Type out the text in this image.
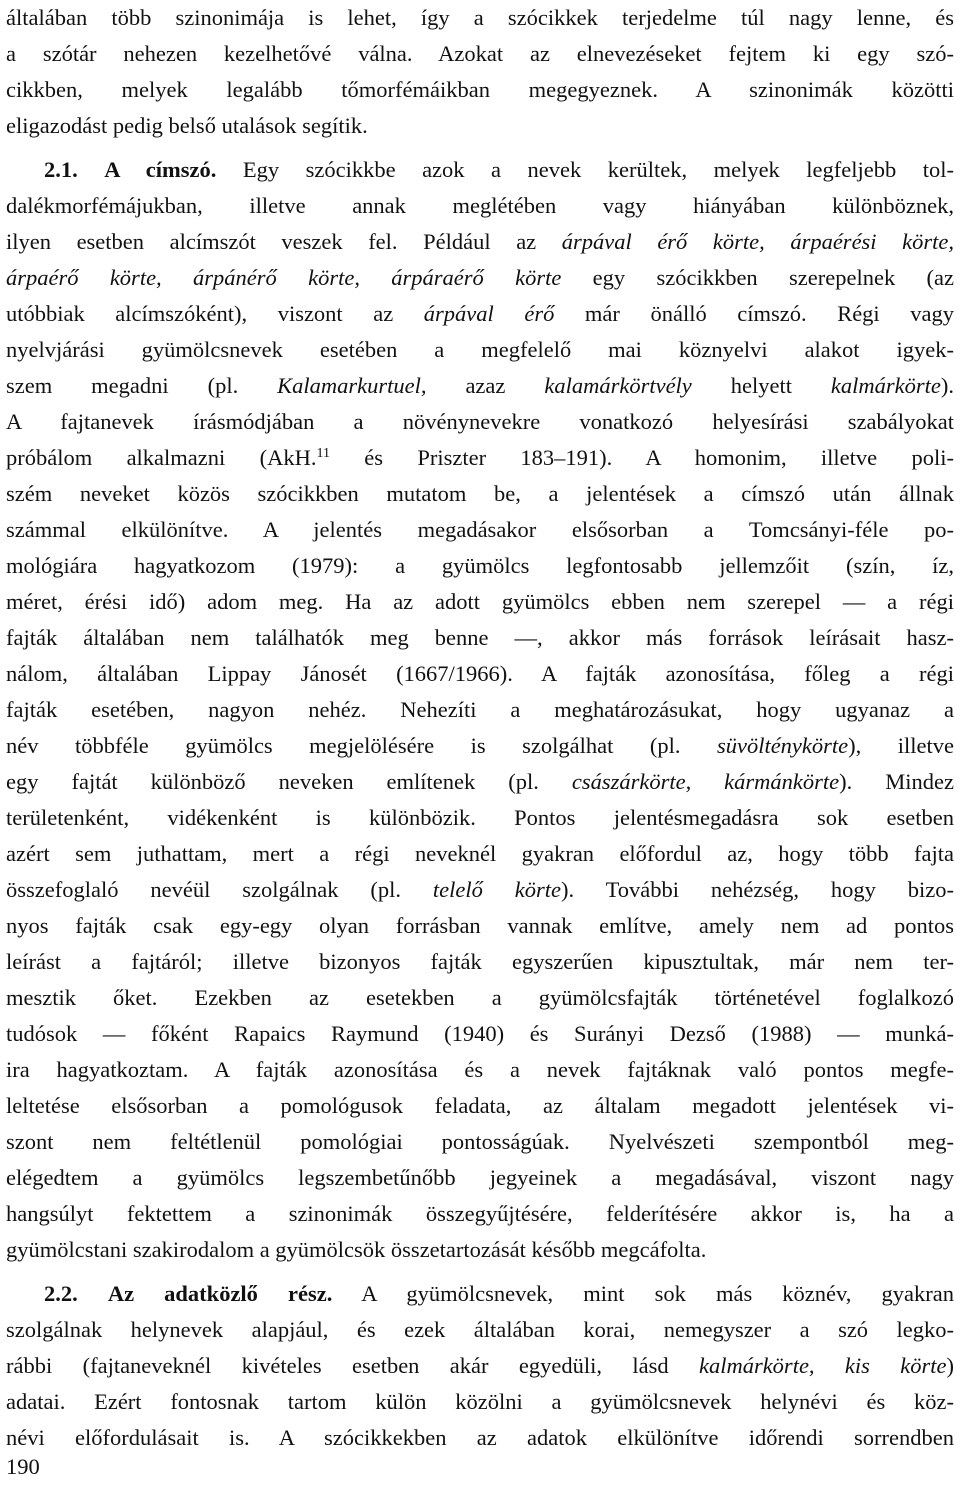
általában több szinonimája is lehet, így a szócikkek terjedelme túl nagy lenne, és
a szótár nehezen kezelhetővé válna. Azokat az elnevezéseket fejtem ki egy szó-
cikkben, melyek legalább tőmorfémáikban megegyeznek. A szinonimák közötti
eligazodást pedig belső utalások segítik.
2.1. A címszó. Egy szócikkbe azok a nevek kerültek, melyek legfeljebb tol-
dalékmorfémájukban, illetve annak meglétében vagy hiányában különböznek,
ilyen esetben alcímszót veszek fel. Például az árpával érő körte, árpaérési körte,
árpaérő körte, árpánérő körte, árpáraérő körte egy szócikkben szerepelnek (az
utóbbiak alcímszóként), viszont az árpával érő már önálló címszó. Régi vagy
nyelvjárási gyümölcsnevek esetében a megfelelő mai köznyelvi alakot igyek-
szem megadni (pl. Kalamarkurtuel, azaz kalamárkörtvély helyett kalmárkörte).
A fajtanevek írásmódjában a növénynevekre vonatkozó helyesírási szabályokat
próbálom alkalmazni (AkH.$^{11}$ és Priszter 183–191). A homonim, illetve poli-
szém neveket közös szócikkben mutatom be, a jelentések a címszó után állnak
számmal elkülönítve. A jelentés megadásakor elsősorban a Tomcsányi-féle po-
mológiára hagyatkozom (1979): a gyümölcs legfontosabb jellemzőit (szín, íz,
méret, érési idő) adom meg. Ha az adott gyümölcs ebben nem szerepel — a régi
fajták általában nem találhatók meg benne —, akkor más források leírásait hasz-
nálom, általában Lippay Jánosét (1667/1966). A fajták azonosítása, főleg a régi
fajták esetében, nagyon nehéz. Nehezíti a meghatározásukat, hogy ugyanaz a
név többféle gyümölcs megjelölésére is szolgálhat (pl. süvölténykörte), illetve
egy fajtát különböző neveken említenek (pl. császárkörte, kármánkörte). Mindez
területenként, vidékenként is különbözik. Pontos jelentésmegadásra sok esetben
azért sem juthattam, mert a régi neveknél gyakran előfordul az, hogy több fajta
összefoglaló nevéül szolgálnak (pl. telelő körte). További nehézség, hogy bizo-
nyos fajták csak egy-egy olyan forrásban vannak említve, amely nem ad pontos
leírást a fajtáról; illetve bizonyos fajták egyszerűen kipusztultak, már nem ter-
mesztik őket. Ezekben az esetekben a gyümölcsfajták történetével foglalkozó
tudósok — főként Rapaics Raymund (1940) és Surányi Dezső (1988) — munká-
ira hagyatkoztam. A fajták azonosítása és a nevek fajtáknak való pontos megfe-
leltetése elsősorban a pomológusok feladata, az általam megadott jelentések vi-
szont nem feltétlenül pomológiai pontosságúak. Nyelvészeti szempontból meg-
elégedtem a gyümölcs legszembetűnőbb jegyeinek a megadásával, viszont nagy
hangsúlyt fektettem a szinonimák összegyűjtésére, felderítésére akkor is, ha a
gyümölcstani szakirodalom a gyümölcsök összetartozását később megcáfolta.
2.2. Az adatközlő rész. A gyümölcsnevek, mint sok más köznév, gyakran
szolgálnak helynevek alapjául, és ezek általában korai, nemegyszer a szó legko-
rábbi (fajtaneveknél kivételes esetben akár egyedüli, lásd kalmárkörte, kis körte)
adatai. Ezért fontosnak tartom külön közölni a gyümölcsnevek helynévi és köz-
névi előfordulásait is. A szócikkekben az adatok elkülönítve időrendi sorrendben
190
